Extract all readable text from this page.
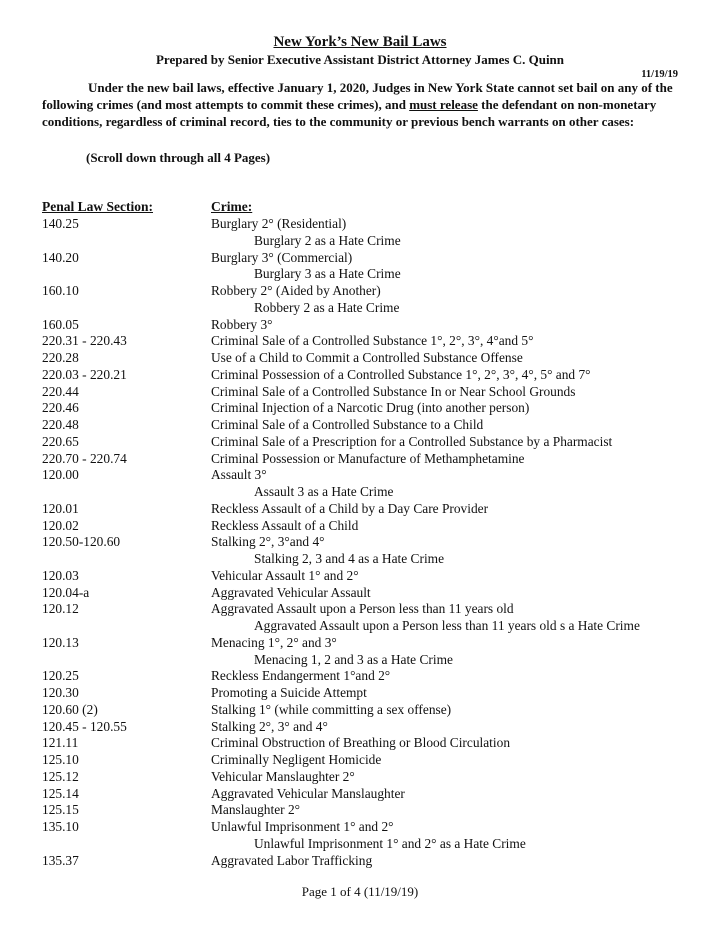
New York’s New Bail Laws
Prepared by Senior Executive Assistant District Attorney James C. Quinn
11/19/19
Under the new bail laws, effective January 1, 2020, Judges in New York State cannot set bail on any of the following crimes (and most attempts to commit these crimes), and must release the defendant on non-monetary conditions, regardless of criminal record, ties to the community or previous bench warrants on other cases:
(Scroll down through all 4 Pages)
Penal Law Section:	Crime:
140.25	Burglary 2° (Residential)
Burglary 2 as a Hate Crime
140.20	Burglary 3° (Commercial)
Burglary 3 as a Hate Crime
160.10	Robbery 2° (Aided by Another)
Robbery 2 as a Hate Crime
160.05	Robbery 3°
220.31 - 220.43	Criminal Sale of a Controlled Substance 1°, 2°, 3°, 4°and 5°
220.28	Use of a Child to Commit a Controlled Substance Offense
220.03 - 220.21	Criminal Possession of a Controlled Substance 1°, 2°, 3°, 4°, 5° and 7°
220.44	Criminal Sale of a Controlled Substance In or Near School Grounds
220.46	Criminal Injection of a Narcotic Drug (into another person)
220.48	Criminal Sale of a Controlled Substance to a Child
220.65	Criminal Sale of a Prescription for a Controlled Substance by a Pharmacist
220.70 - 220.74	Criminal Possession or Manufacture of Methamphetamine
120.00	Assault 3°
Assault 3 as a Hate Crime
120.01	Reckless Assault of a Child by a Day Care Provider
120.02	Reckless Assault of a Child
120.50-120.60	Stalking 2°, 3°and 4°
Stalking 2, 3 and 4 as a Hate Crime
120.03	Vehicular Assault 1° and 2°
120.04-a	Aggravated Vehicular Assault
120.12	Aggravated Assault upon a Person less than 11 years old
Aggravated Assault upon a Person less than 11 years old s a Hate Crime
120.13	Menacing 1°, 2° and 3°
Menacing 1, 2 and 3 as a Hate Crime
120.25	Reckless Endangerment 1°and 2°
120.30	Promoting a Suicide Attempt
120.60 (2)	Stalking 1° (while committing a sex offense)
120.45 - 120.55	Stalking 2°, 3° and 4°
121.11	Criminal Obstruction of Breathing or Blood Circulation
125.10	Criminally Negligent Homicide
125.12	Vehicular Manslaughter 2°
125.14	Aggravated Vehicular Manslaughter
125.15	Manslaughter 2°
135.10	Unlawful Imprisonment 1° and 2°
Unlawful Imprisonment 1° and 2° as a Hate Crime
135.37	Aggravated Labor Trafficking
Page 1 of 4 (11/19/19)
